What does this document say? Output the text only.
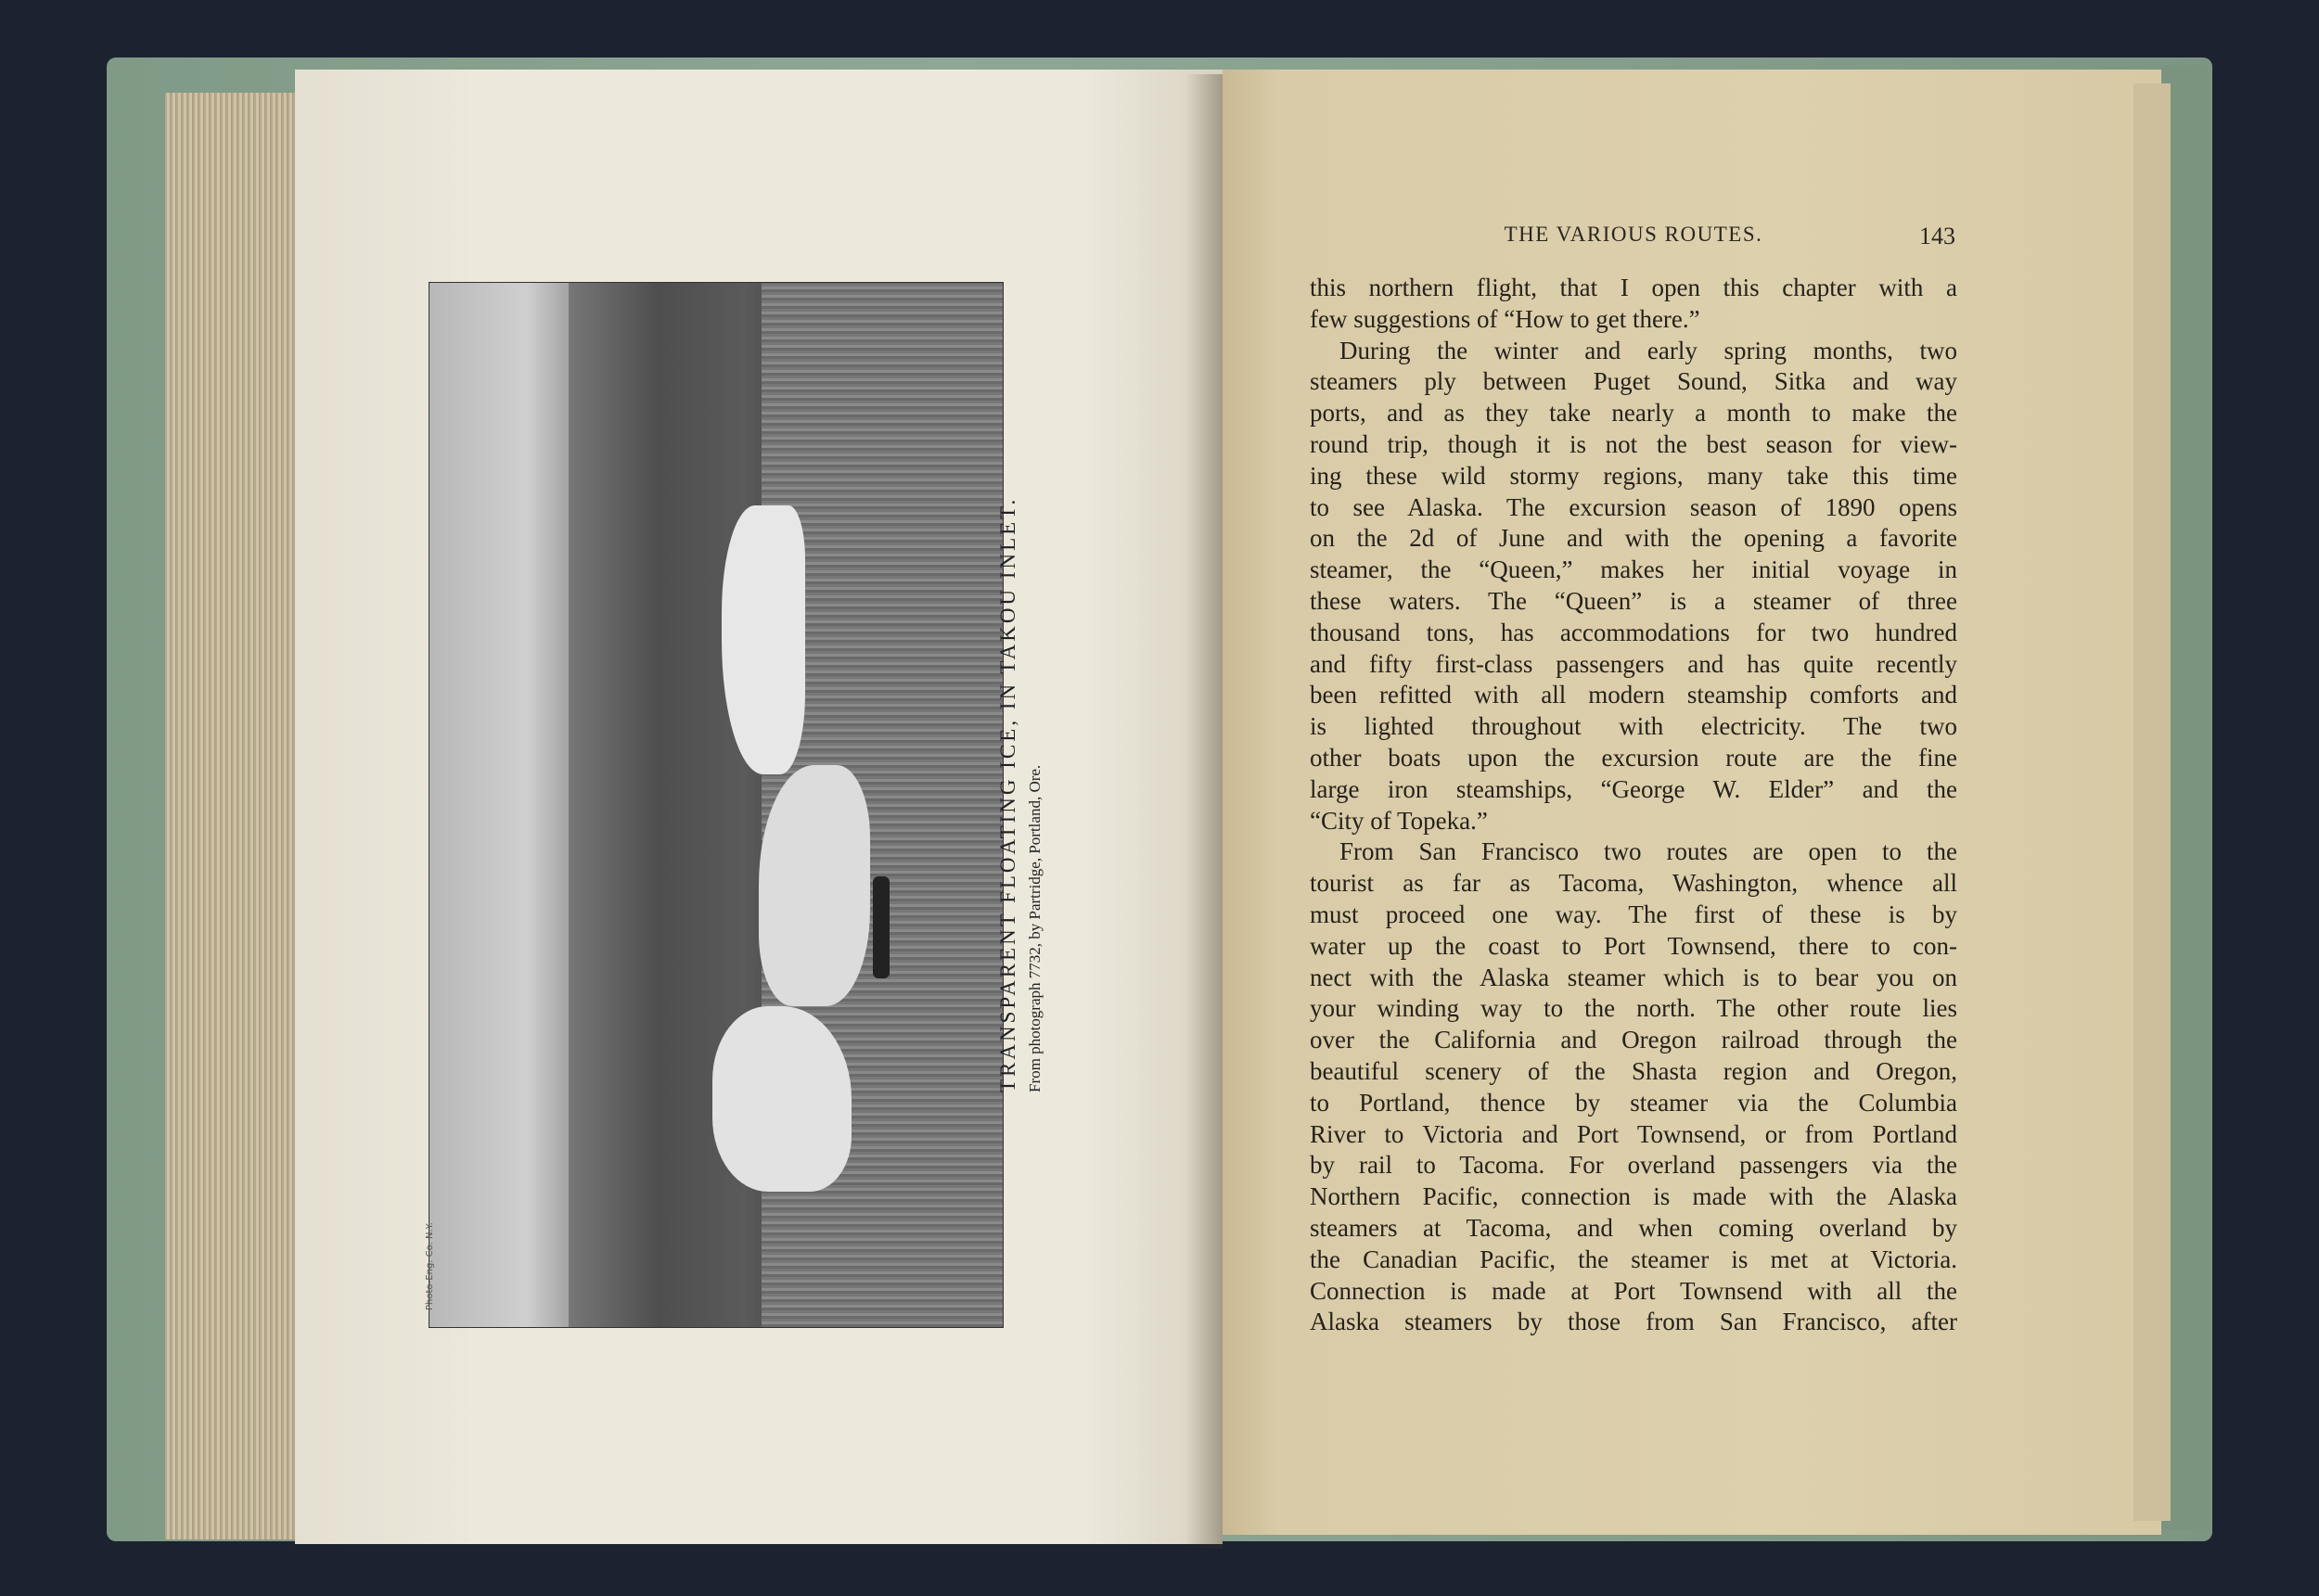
Photo-Eng. Co. N.Y.

TRANSPARENT FLOATING ICE, IN TAKOU INLET. From photograph 7732, by Partridge, Portland, Ore.

THE VARIOUS ROUTES.	143
this northern flight, that I open this chapter with a
few suggestions of “How to get there.”
During the winter and early spring months, two
steamers ply between Puget Sound, Sitka and way
ports, and as they take nearly a month to make the
round trip, though it is not the best season for view-
ing these wild stormy regions, many take this time
to see Alaska. The excursion season of 1890 opens
on the 2d of June and with the opening a favorite
steamer, the “Queen,” makes her initial voyage in
these waters. The “Queen” is a steamer of three
thousand tons, has accommodations for two hundred
and fifty first-class passengers and has quite recently
been refitted with all modern steamship comforts and
is lighted throughout with electricity. The two
other boats upon the excursion route are the fine
large iron steamships, “George W. Elder” and the
“City of Topeka.”
From San Francisco two routes are open to the
tourist as far as Tacoma, Washington, whence all
must proceed one way. The first of these is by
water up the coast to Port Townsend, there to con-
nect with the Alaska steamer which is to bear you on
your winding way to the north. The other route lies
over the California and Oregon railroad through the
beautiful scenery of the Shasta region and Oregon,
to Portland, thence by steamer via the Columbia
River to Victoria and Port Townsend, or from Portland
by rail to Tacoma. For overland passengers via the
Northern Pacific, connection is made with the Alaska
steamers at Tacoma, and when coming overland by
the Canadian Pacific, the steamer is met at Victoria.
Connection is made at Port Townsend with all the
Alaska steamers by those from San Francisco, after
